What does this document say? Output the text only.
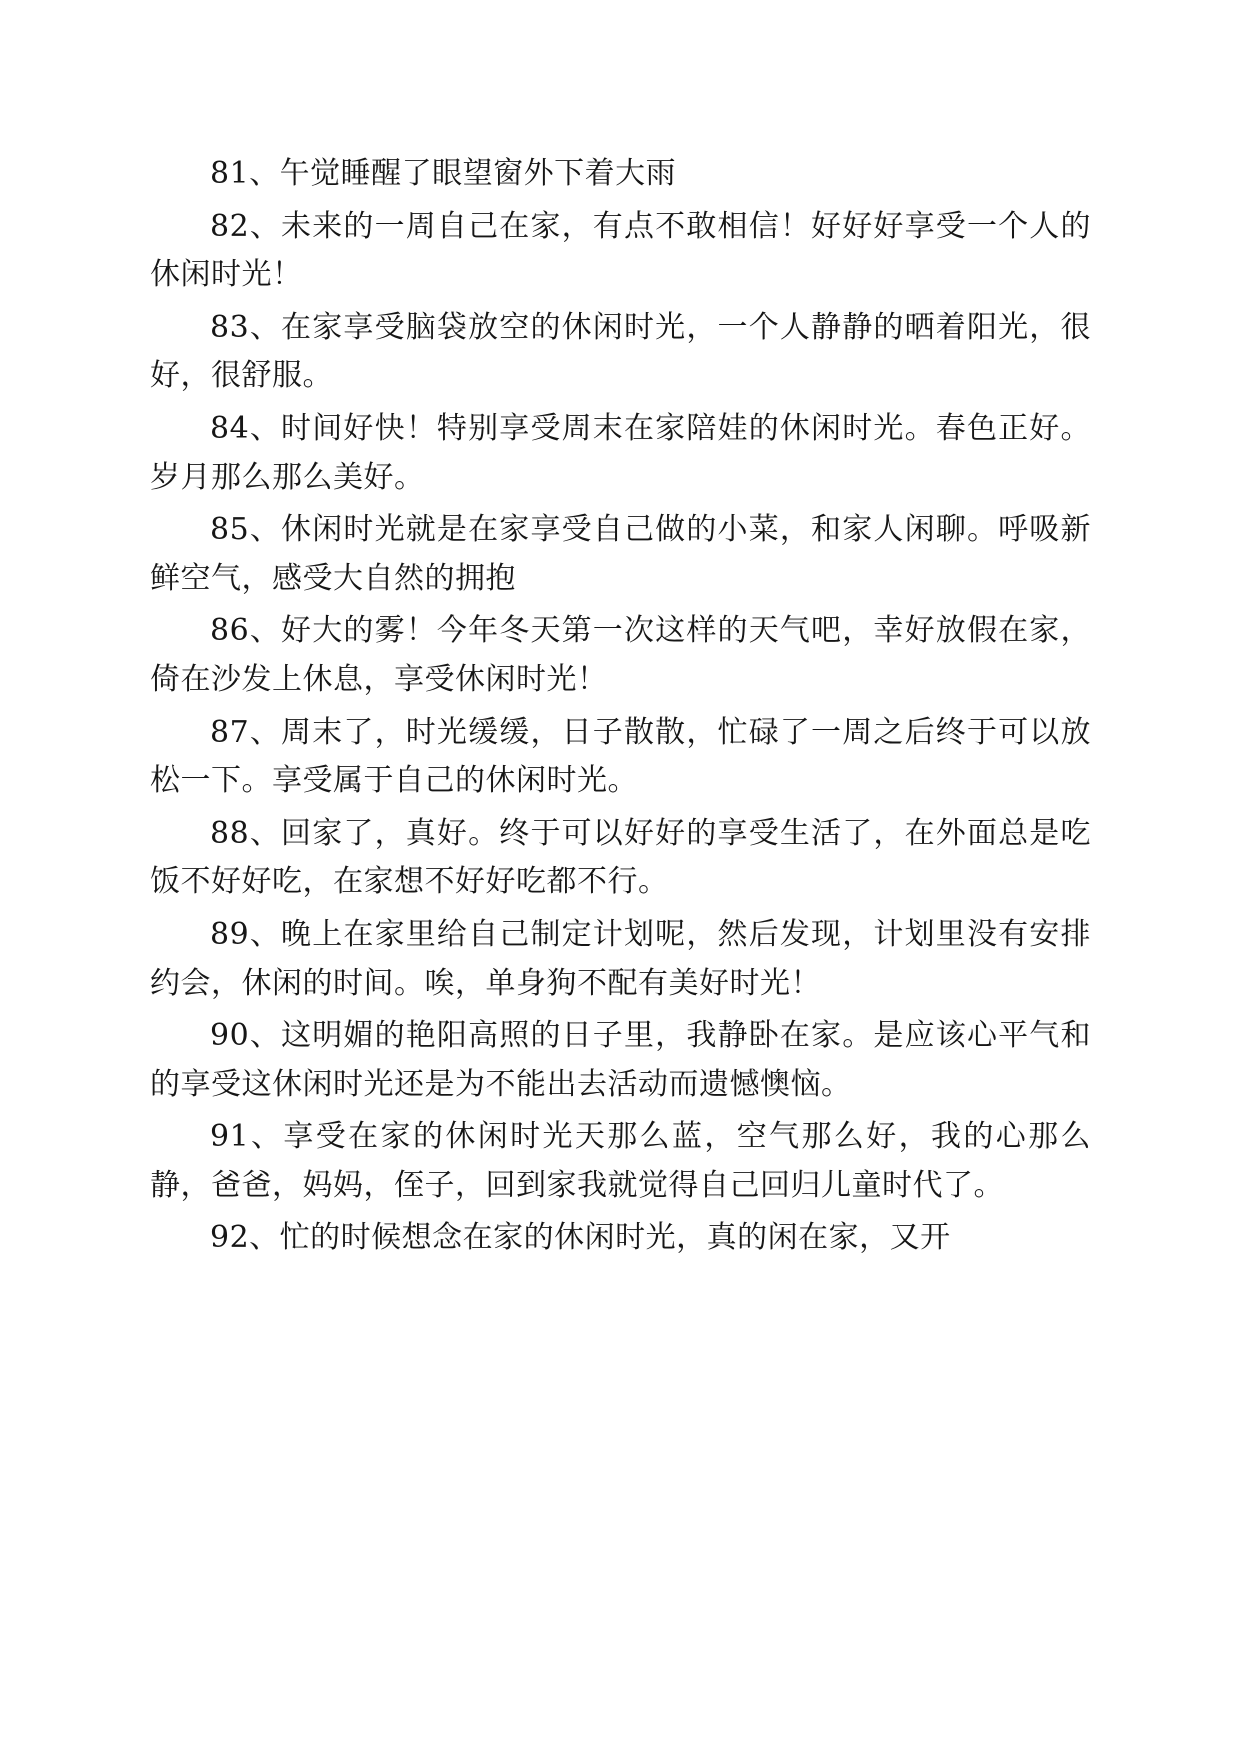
81、午觉睡醒了眼望窗外下着大雨

82、未来的一周自己在家，有点不敢相信！好好好享受一个人的休闲时光！

83、在家享受脑袋放空的休闲时光，一个人静静的晒着阳光，很好，很舒服。

84、时间好快！特别享受周末在家陪娃的休闲时光。春色正好。岁月那么那么美好。

85、休闲时光就是在家享受自己做的小菜，和家人闲聊。呼吸新鲜空气，感受大自然的拥抱

86、好大的雾！今年冬天第一次这样的天气吧，幸好放假在家，倚在沙发上休息，享受休闲时光！

87、周末了，时光缓缓，日子散散，忙碌了一周之后终于可以放松一下。享受属于自己的休闲时光。

88、回家了，真好。终于可以好好的享受生活了，在外面总是吃饭不好好吃，在家想不好好吃都不行。

89、晚上在家里给自己制定计划呢，然后发现，计划里没有安排约会，休闲的时间。唉，单身狗不配有美好时光！

90、这明媚的艳阳高照的日子里，我静卧在家。是应该心平气和的享受这休闲时光还是为不能出去活动而遗憾懊恼。

91、享受在家的休闲时光天那么蓝，空气那么好，我的心那么静，爸爸，妈妈，侄子，回到家我就觉得自己回归儿童时代了。

92、忙的时候想念在家的休闲时光，真的闲在家，又开
